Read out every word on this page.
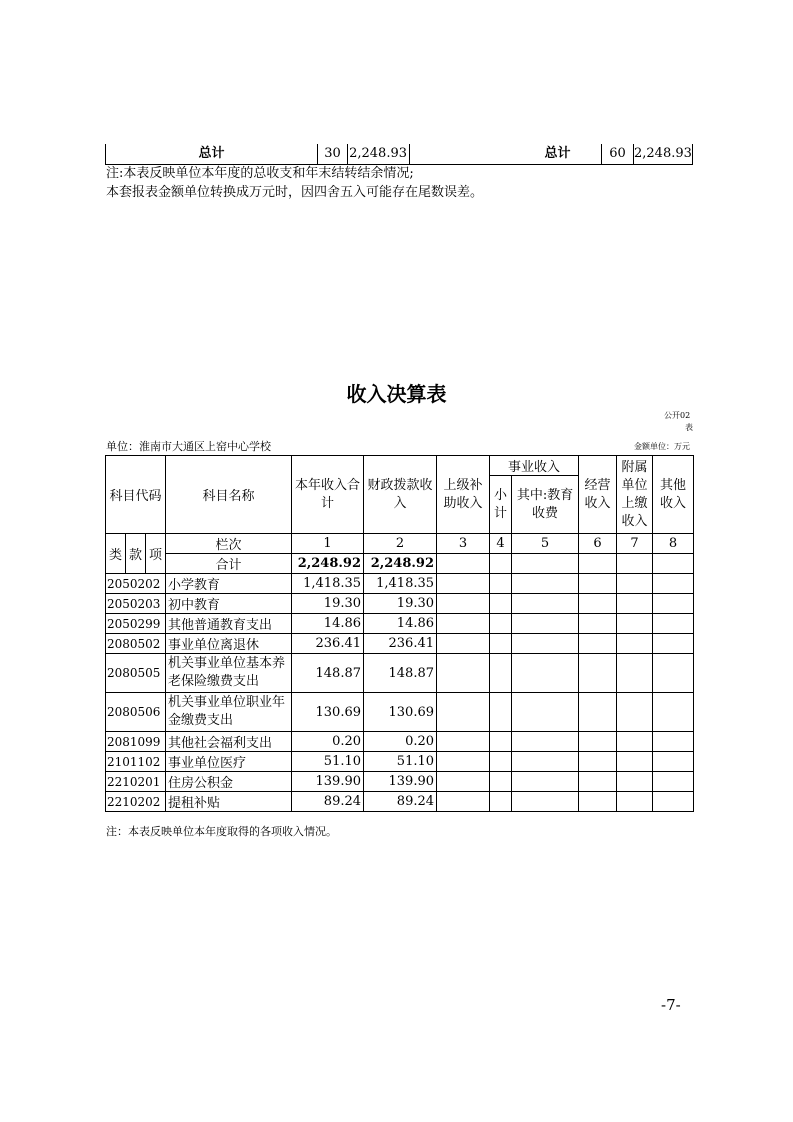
总计	30 2,248.93	总计	60 2,248.93
注:本表反映单位本年度的总收支和年末结转结余情况;
本套报表金额单位转换成万元时，因四舍五入可能存在尾数误差。
收入决算表
公开02
表
单位：淮南市大通区上窑中心学校	金额单位：万元
科目代码			科目名称	本年收入合计	财政拨款收入	上级补助收入	事业收入		经营收入	附属单位上缴收入	其他收入
							小计	其中:教育收费			
类	款	项	栏次	1	2	3	4	5	6	7	8
			合计	2,248.92	2,248.92						
2050202			小学教育	1,418.35	1,418.35						
2050203			初中教育	19.30	19.30						
2050299			其他普通教育支出	14.86	14.86						
2080502			事业单位离退休	236.41	236.41						
2080505			机关事业单位基本养老保险缴费支出	148.87	148.87						
2080506			机关事业单位职业年金缴费支出	130.69	130.69						
2081099			其他社会福利支出	0.20	0.20						
2101102			事业单位医疗	51.10	51.10						
2210201			住房公积金	139.90	139.90						
2210202			提租补贴	89.24	89.24						
注：本表反映单位本年度取得的各项收入情况。
-7-
